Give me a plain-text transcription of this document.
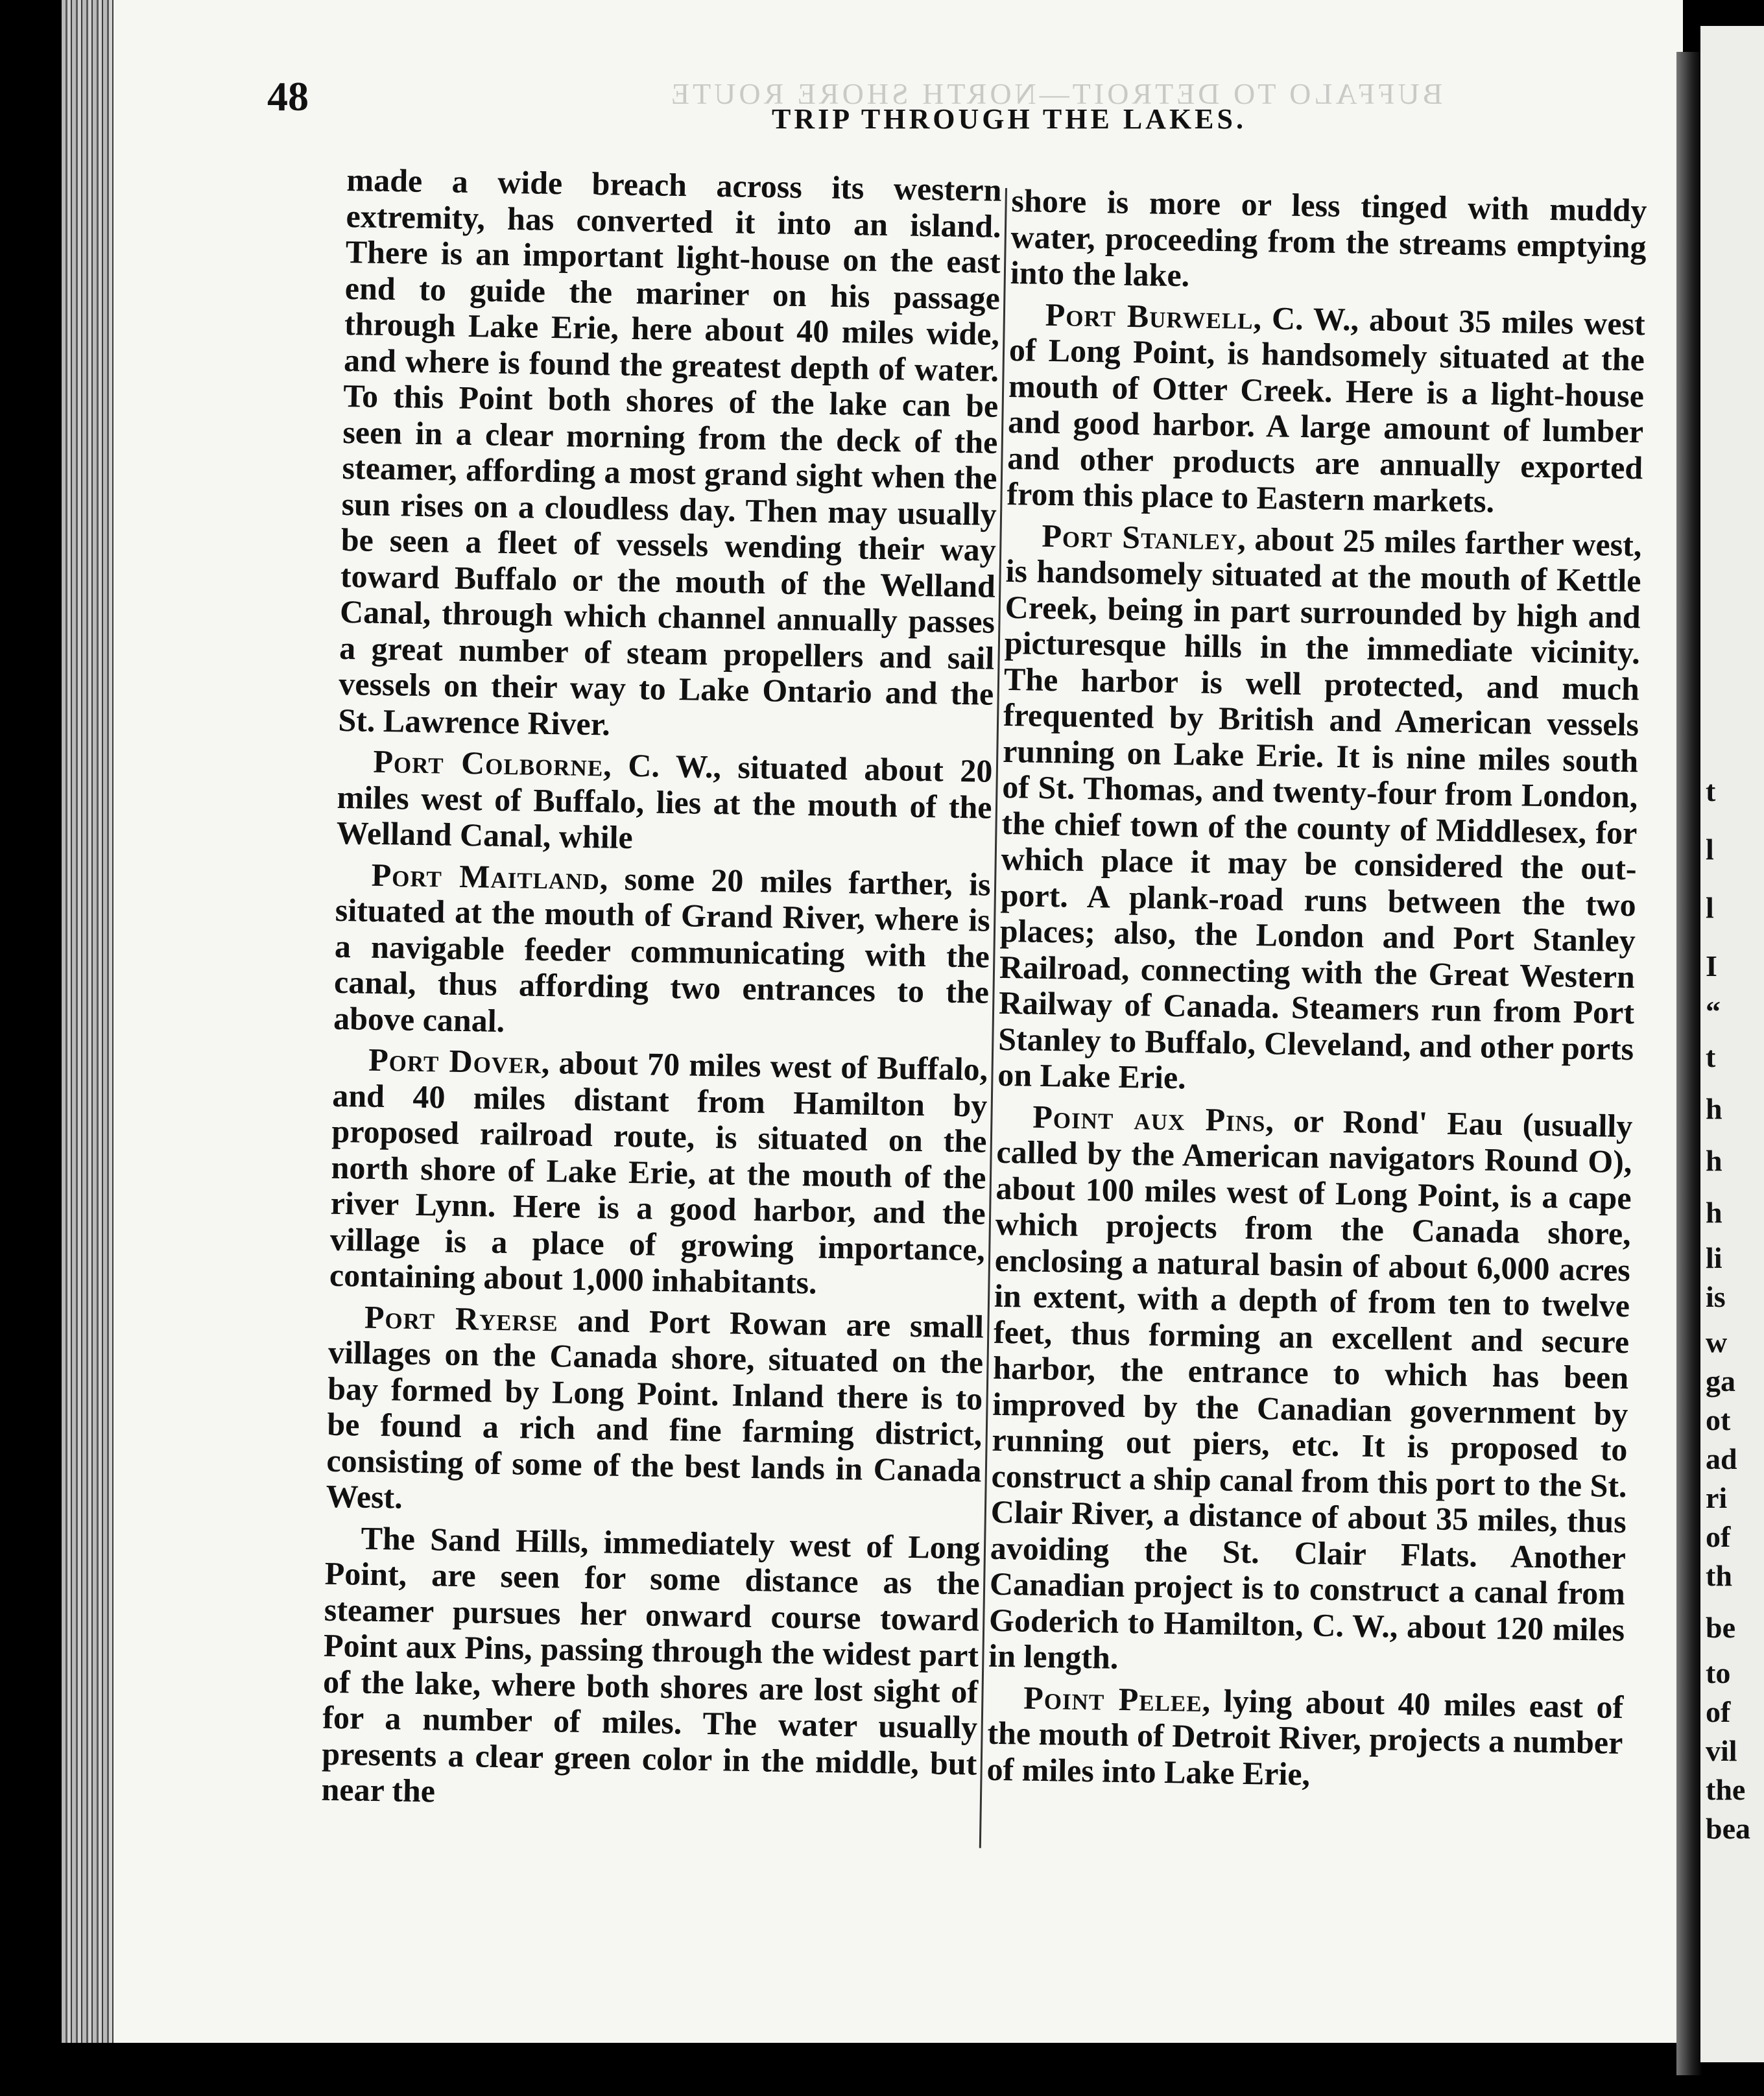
BUFFALO TO DETROIT—NORTH SHORE ROUTE
48	TRIP THROUGH THE LAKES.

made a wide breach across its western extremity, has converted it into an island. There is an important light-house on the east end to guide the mariner on his passage through Lake Erie, here about 40 miles wide, and where is found the greatest depth of water. To this Point both shores of the lake can be seen in a clear morning from the deck of the steamer, affording a most grand sight when the sun rises on a cloudless day. Then may usually be seen a fleet of vessels wending their way toward Buffalo or the mouth of the Welland Canal, through which channel annually passes a great number of steam propellers and sail vessels on their way to Lake Ontario and the St. Lawrence River.

Port Colborne, C. W., situated about 20 miles west of Buffalo, lies at the mouth of the Welland Canal, while

Port Maitland, some 20 miles farther, is situated at the mouth of Grand River, where is a navigable feeder communicating with the canal, thus affording two entrances to the above canal.

Port Dover, about 70 miles west of Buffalo, and 40 miles distant from Hamilton by proposed railroad route, is situated on the north shore of Lake Erie, at the mouth of the river Lynn. Here is a good harbor, and the village is a place of growing importance, containing about 1,000 inhabitants.

Port Ryerse and Port Rowan are small villages on the Canada shore, situated on the bay formed by Long Point. Inland there is to be found a rich and fine farming district, consisting of some of the best lands in Canada West.

The Sand Hills, immediately west of Long Point, are seen for some distance as the steamer pursues her onward course toward Point aux Pins, passing through the widest part of the lake, where both shores are lost sight of for a number of miles. The water usually presents a clear green color in the middle, but near the

shore is more or less tinged with muddy water, proceeding from the streams emptying into the lake.

Port Burwell, C. W., about 35 miles west of Long Point, is handsomely situated at the mouth of Otter Creek. Here is a light-house and good harbor. A large amount of lumber and other products are annually exported from this place to Eastern markets.

Port Stanley, about 25 miles farther west, is handsomely situated at the mouth of Kettle Creek, being in part surrounded by high and picturesque hills in the immediate vicinity. The harbor is well protected, and much frequented by British and American vessels running on Lake Erie. It is nine miles south of St. Thomas, and twenty-four from London, the chief town of the county of Middlesex, for which place it may be considered the out-port. A plank-road runs between the two places; also, the London and Port Stanley Railroad, connecting with the Great Western Railway of Canada. Steamers run from Port Stanley to Buffalo, Cleveland, and other ports on Lake Erie.

Point aux Pins, or Rond' Eau (usually called by the American navigators Round O), about 100 miles west of Long Point, is a cape which projects from the Canada shore, enclosing a natural basin of about 6,000 acres in extent, with a depth of from ten to twelve feet, thus forming an excellent and secure harbor, the entrance to which has been improved by the Canadian government by running out piers, etc. It is proposed to construct a ship canal from this port to the St. Clair River, a distance of about 35 miles, thus avoiding the St. Clair Flats. Another Canadian project is to construct a canal from Goderich to Hamilton, C. W., about 120 miles in length.

Point Pelee, lying about 40 miles east of the mouth of Detroit River, projects a number of miles into Lake Erie,

t
l
l
I
“
t
h
h
h
li
is
w
ga
ot
ad
ri
of
th
be
to
of
vil
the
bea
